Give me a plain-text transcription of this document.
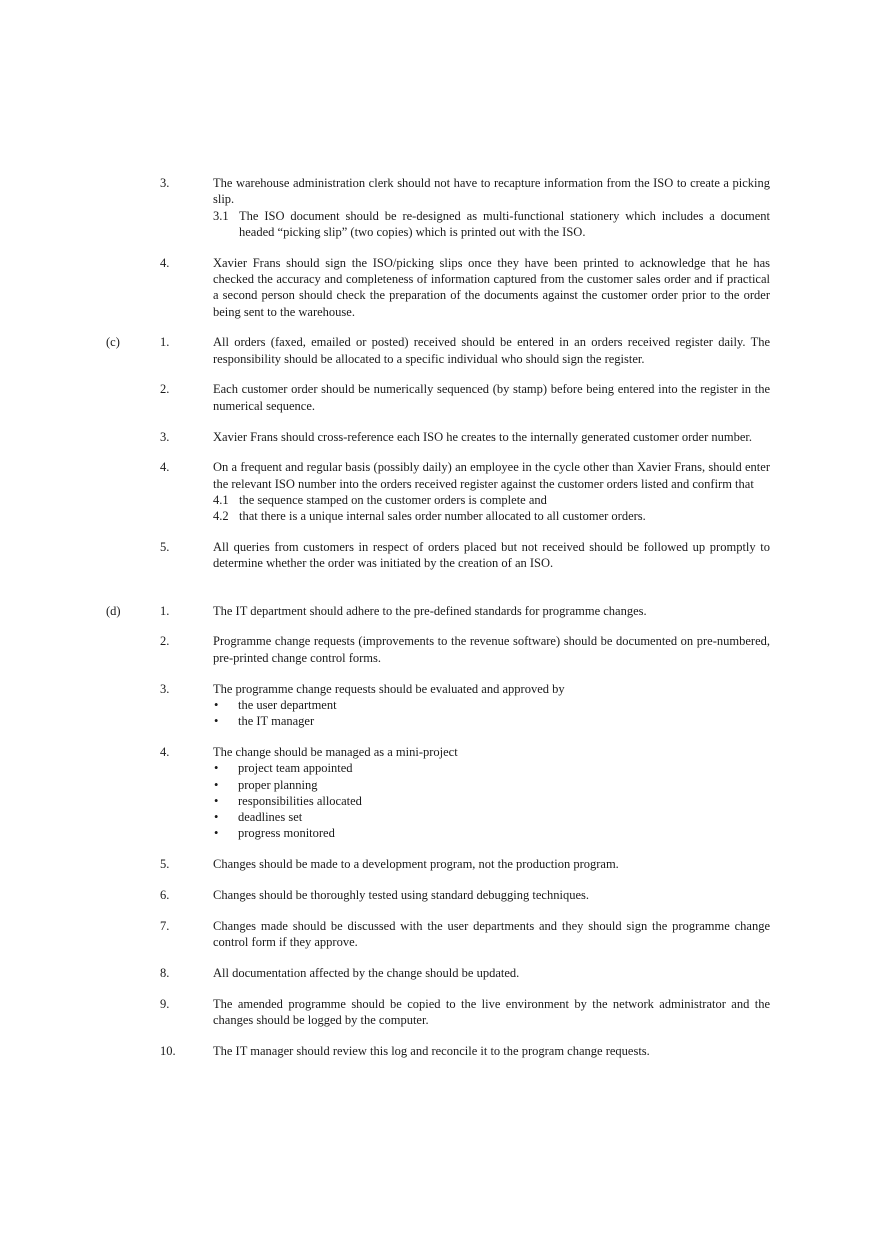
3.	The warehouse administration clerk should not have to recapture information from the ISO to create a picking slip.
3.1 The ISO document should be re-designed as multi-functional stationery which includes a document headed “picking slip” (two copies) which is printed out with the ISO.
4.	Xavier Frans should sign the ISO/picking slips once they have been printed to acknowledge that he has checked the accuracy and completeness of information captured from the customer sales order and if practical a second person should check the preparation of the documents against the customer order prior to the order being sent to the warehouse.
(c)	1.	All orders (faxed, emailed or posted) received should be entered in an orders received register daily. The responsibility should be allocated to a specific individual who should sign the register.
2.	Each customer order should be numerically sequenced (by stamp) before being entered into the register in the numerical sequence.
3.	Xavier Frans should cross-reference each ISO he creates to the internally generated customer order number.
4.	On a frequent and regular basis (possibly daily) an employee in the cycle other than Xavier Frans, should enter the relevant ISO number into the orders received register against the customer orders listed and confirm that
4.1 the sequence stamped on the customer orders is complete and
4.2 that there is a unique internal sales order number allocated to all customer orders.
5.	All queries from customers in respect of orders placed but not received should be followed up promptly to determine whether the order was initiated by the creation of an ISO.
(d)	1.	The IT department should adhere to the pre-defined standards for programme changes.
2.	Programme change requests (improvements to the revenue software) should be documented on pre-numbered, pre-printed change control forms.
3.	The programme change requests should be evaluated and approved by
•	the user department
•	the IT manager
4.	The change should be managed as a mini-project
•	project team appointed
•	proper planning
•	responsibilities allocated
•	deadlines set
•	progress monitored
5.	Changes should be made to a development program, not the production program.
6.	Changes should be thoroughly tested using standard debugging techniques.
7.	Changes made should be discussed with the user departments and they should sign the programme change control form if they approve.
8.	All documentation affected by the change should be updated.
9.	The amended programme should be copied to the live environment by the network administrator and the changes should be logged by the computer.
10.	The IT manager should review this log and reconcile it to the program change requests.
